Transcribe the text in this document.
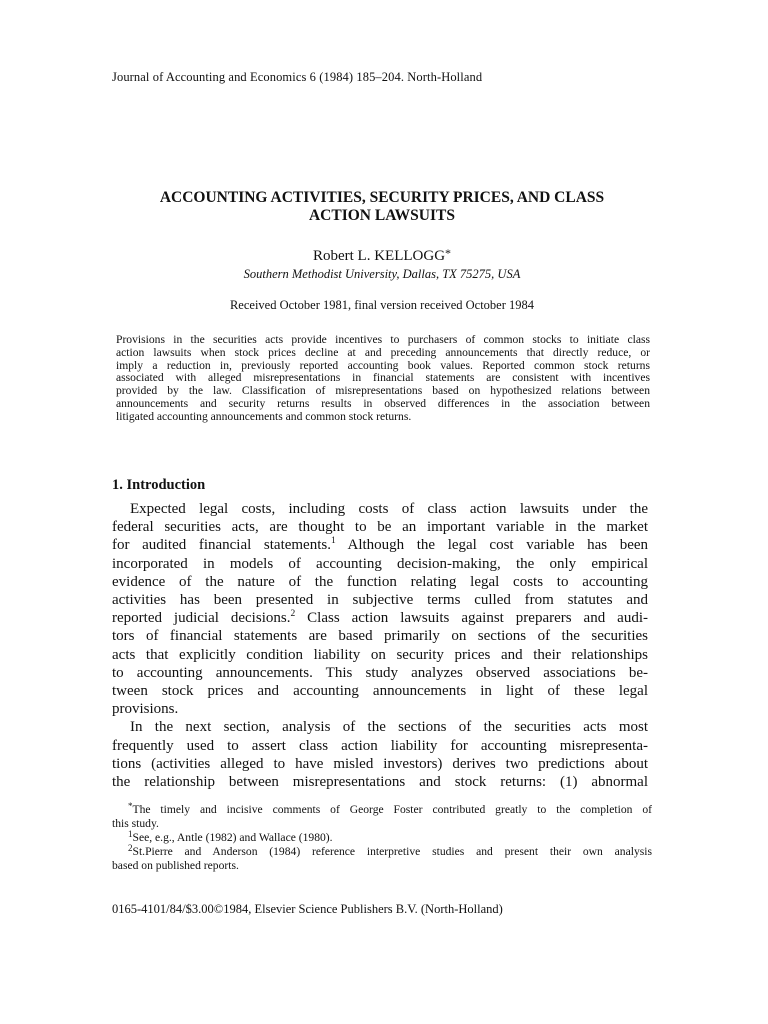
Journal of Accounting and Economics 6 (1984) 185–204. North-Holland
ACCOUNTING ACTIVITIES, SECURITY PRICES, AND CLASS
ACTION LAWSUITS
Robert L. KELLOGG*
Southern Methodist University, Dallas, TX 75275, USA
Received October 1981, final version received October 1984
Provisions in the securities acts provide incentives to purchasers of common stocks to initiate class
action lawsuits when stock prices decline at and preceding announcements that directly reduce, or
imply a reduction in, previously reported accounting book values. Reported common stock returns
associated with alleged misrepresentations in financial statements are consistent with incentives
provided by the law. Classification of misrepresentations based on hypothesized relations between
announcements and security returns results in observed differences in the association between
litigated accounting announcements and common stock returns.
1. Introduction
Expected legal costs, including costs of class action lawsuits under the
federal securities acts, are thought to be an important variable in the market
for audited financial statements.$^1$ Although the legal cost variable has been
incorporated in models of accounting decision-making, the only empirical
evidence of the nature of the function relating legal costs to accounting
activities has been presented in subjective terms culled from statutes and
reported judicial decisions.$^2$ Class action lawsuits against preparers and audi-
tors of financial statements are based primarily on sections of the securities
acts that explicitly condition liability on security prices and their relationships
to accounting announcements. This study analyzes observed associations be-
tween stock prices and accounting announcements in light of these legal
provisions.
In the next section, analysis of the sections of the securities acts most
frequently used to assert class action liability for accounting misrepresenta-
tions (activities alleged to have misled investors) derives two predictions about
the relationship between misrepresentations and stock returns: (1) abnormal
*The timely and incisive comments of George Foster contributed greatly to the completion of
this study.
$^1$See, e.g., Antle (1982) and Wallace (1980).
$^2$St.Pierre and Anderson (1984) reference interpretive studies and present their own analysis
based on published reports.
0165-4101/84/$3.00©1984, Elsevier Science Publishers B.V. (North-Holland)
